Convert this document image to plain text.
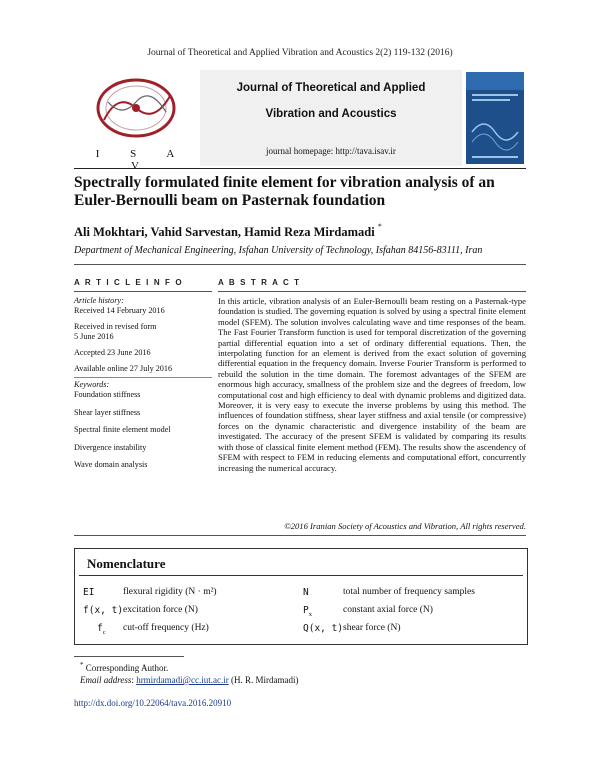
Journal of Theoretical and Applied Vibration and Acoustics 2(2) 119-132 (2016)
I S A V
Journal of Theoretical and Applied
Vibration and Acoustics
journal homepage: http://tava.isav.ir
Spectrally formulated finite element for vibration analysis of an Euler-Bernoulli beam on Pasternak foundation
Ali Mokhtari, Vahid Sarvestan, Hamid Reza Mirdamadi *
Department of Mechanical Engineering, Isfahan University of Technology, Isfahan 84156-83111, Iran
A R T I C L E I N F O	A B S T R A C T
Article history:
Received 14 February 2016
Received in revised form
5 June 2016
Accepted 23 June 2016
Available online 27 July 2016
Keywords:
Foundation stiffness
Shear layer stiffness
Spectral finite element model
Divergence instability
Wave domain analysis
In this article, vibration analysis of an Euler-Bernoulli beam resting on a Pasternak-type foundation is studied. The governing equation is solved by using a spectral finite element model (SFEM). The solution involves calculating wave and time responses of the beam. The Fast Fourier Transform function is used for temporal discretization of the governing partial differential equation into a set of ordinary differential equations. Then, the interpolating function for an element is derived from the exact solution of governing differential equation in the frequency domain. Inverse Fourier Transform is performed to rebuild the solution in the time domain. The foremost advantages of the SFEM are enormous high accuracy, smallness of the problem size and the degrees of freedom, low computational cost and high efficiency to deal with dynamic problems and digitized data. Moreover, it is very easy to execute the inverse problems by using this method. The influences of foundation stiffness, shear layer stiffness and axial tensile (or compressive) forces on the dynamic characteristic and divergence instability of the beam are investigated. The accuracy of the present SFEM is validated by comparing its results with those of classical finite element method (FEM). The results show the ascendency of SFEM with respect to FEM in reducing elements and computational effort, concurrently increasing the numerical accuracy.
©2016 Iranian Society of Acoustics and Vibration, All rights reserved.
Nomenclature
EI	flexural rigidity (N · m²)
f(x, t) excitation force (N)
$f_c$ cut-off frequency (Hz)
N	total number of frequency samples
$P_x$	constant axial force (N)
Q(x, t) shear force (N)
* Corresponding Author.
Email address: hrmirdamadi@cc.iut.ac.ir (H. R. Mirdamadi)
http://dx.doi.org/10.22064/tava.2016.20910
